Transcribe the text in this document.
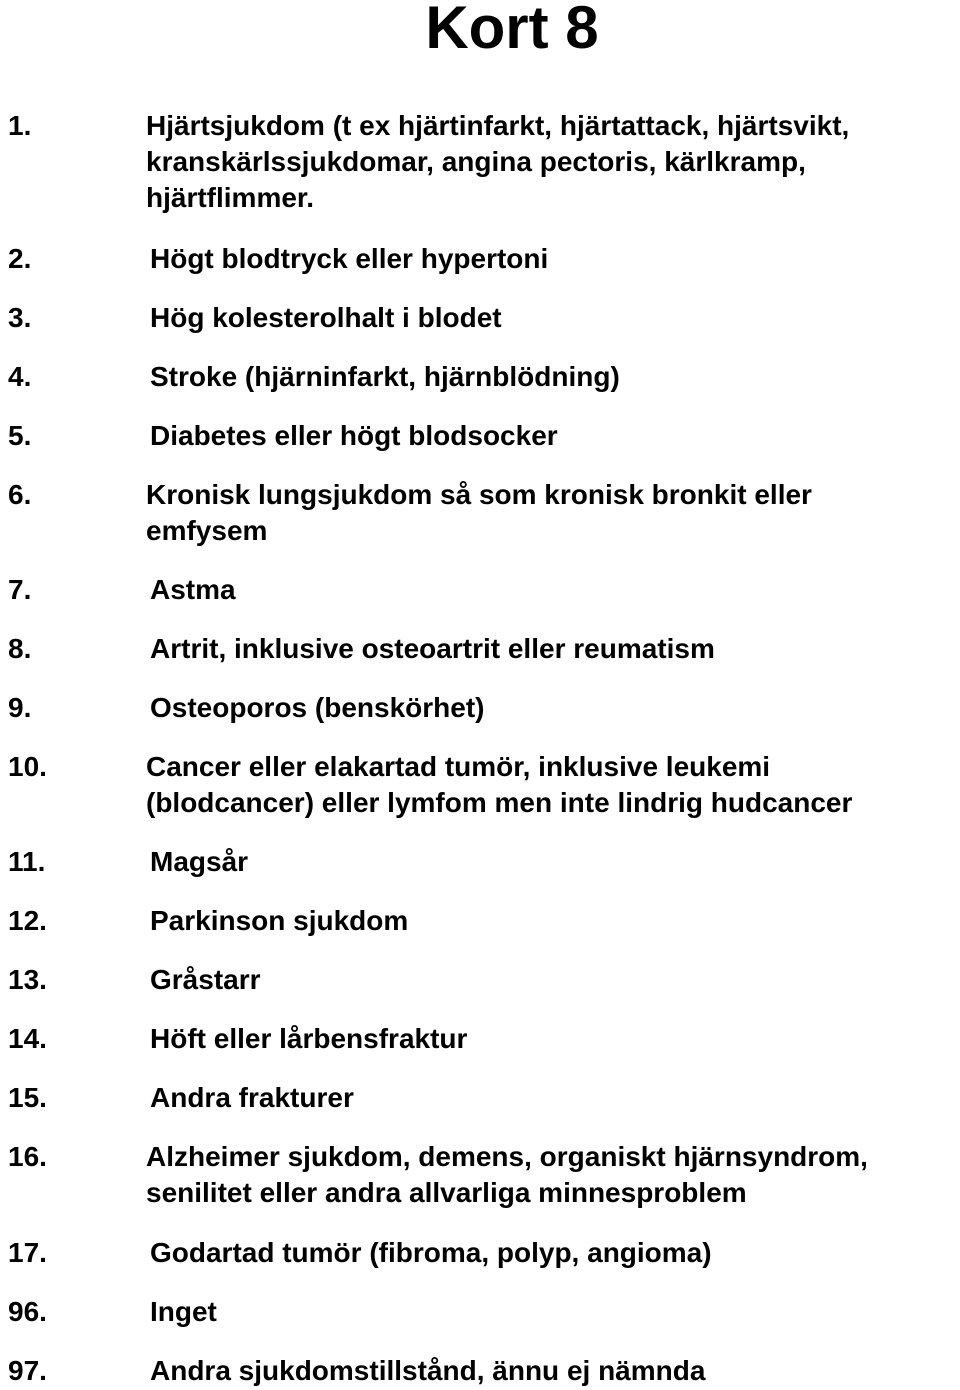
Kort 8
1.	Hjärtsjukdom (t ex hjärtinfarkt, hjärtattack, hjärtsvikt,
kranskärlssjukdomar, angina pectoris, kärlkramp,
hjärtflimmer.
2.	Högt blodtryck eller hypertoni
3.	Hög kolesterolhalt i blodet
4.	Stroke (hjärninfarkt, hjärnblödning)
5.	Diabetes eller högt blodsocker
6.	Kronisk lungsjukdom så som kronisk bronkit eller
emfysem
7.	Astma
8.	Artrit, inklusive osteoartrit eller reumatism
9.	Osteoporos (benskörhet)
10.	Cancer eller elakartad tumör, inklusive leukemi
(blodcancer) eller lymfom men inte lindrig hudcancer
11.	Magsår
12.	Parkinson sjukdom
13.	Gråstarr
14.	Höft eller lårbensfraktur
15.	Andra frakturer
16.	Alzheimer sjukdom, demens, organiskt hjärnsyndrom,
senilitet eller andra allvarliga minnesproblem
17.	Godartad tumör (fibroma, polyp, angioma)
96.	Inget
97.	Andra sjukdomstillstånd, ännu ej nämnda
